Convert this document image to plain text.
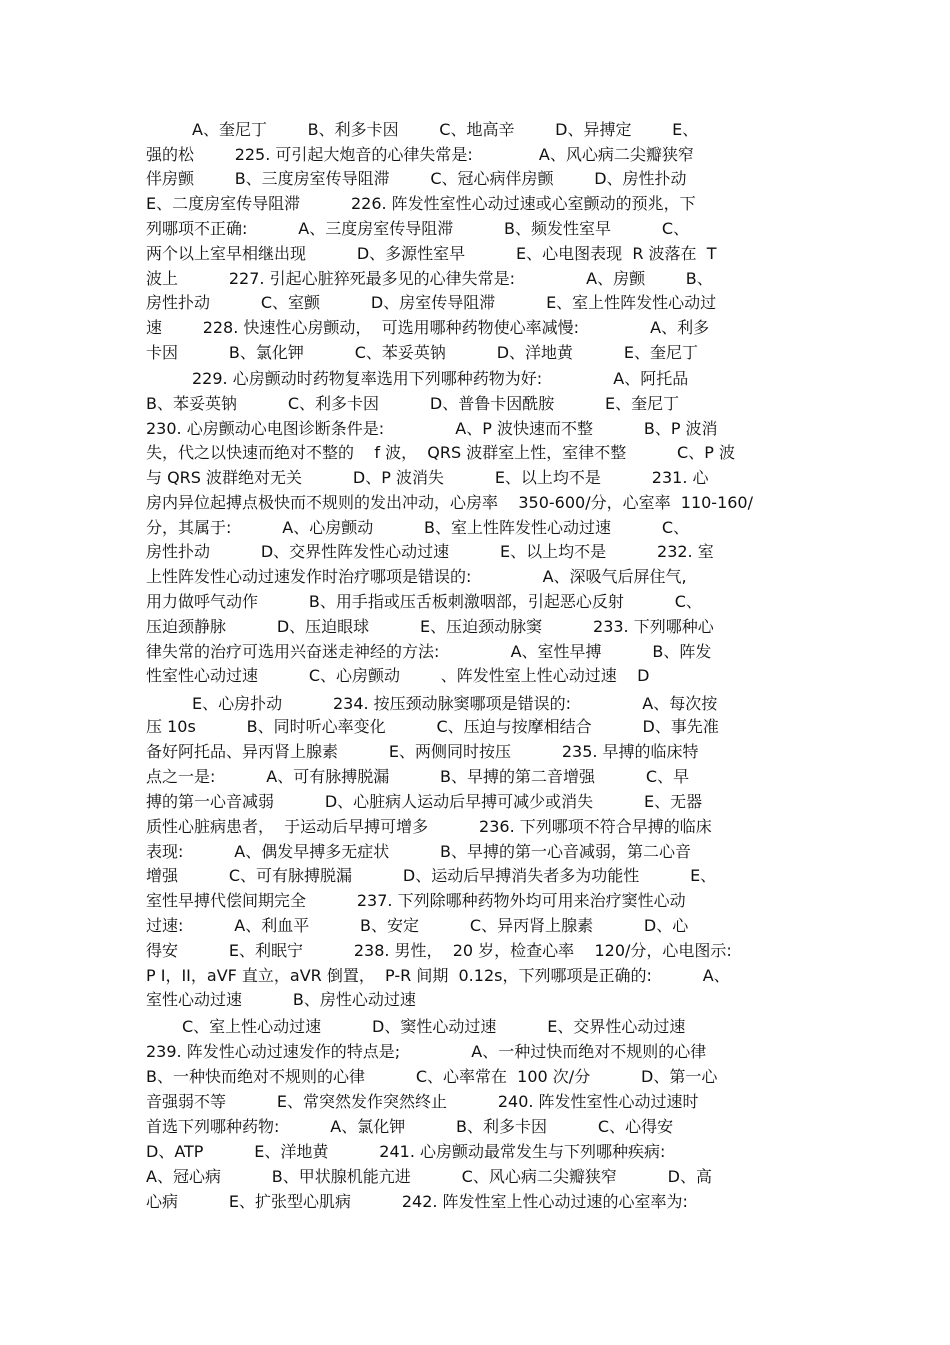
A、奎尼丁        B、利多卡因        C、地高辛        D、异搏定        E、
强的松        225. 可引起大炮音的心律失常是:             A、风心病二尖瓣狭窄
伴房颤        B、三度房室传导阻滞        C、冠心病伴房颤        D、房性扑动
E、二度房室传导阻滞          226. 阵发性室性心动过速或心室颤动的预兆，下
列哪项不正确:          A、三度房室传导阻滞          B、频发性室早          C、
两个以上室早相继出现          D、多源性室早          E、心电图表现  R 波落在  T
波上          227. 引起心脏猝死最多见的心律失常是:              A、房颤        B、
房性扑动          C、室颤          D、房室传导阻滞          E、室上性阵发性心动过
速        228. 快速性心房颤动，  可选用哪种药物使心率减慢:              A、利多
卡因          B、氯化钾          C、苯妥英钠          D、洋地黄          E、奎尼丁
229. 心房颤动时药物复率选用下列哪种药物为好:              A、阿托品
B、苯妥英钠          C、利多卡因          D、普鲁卡因酰胺          E、奎尼丁
230. 心房颤动心电图诊断条件是:              A、P 波快速而不整          B、P 波消
失，代之以快速而绝对不整的    f 波，  QRS 波群室上性，室律不整          C、P 波
与 QRS 波群绝对无关          D、P 波消失          E、以上均不是          231. 心
房内异位起搏点极快而不规则的发出冲动，心房率    350-600/分，心室率  110-160/
分，其属于:          A、心房颤动          B、室上性阵发性心动过速          C、
房性扑动          D、交界性阵发性心动过速          E、以上均不是          232. 室
上性阵发性心动过速发作时治疗哪项是错误的:              A、深吸气后屏住气,
用力做呼气动作          B、用手指或压舌板刺激咽部，引起恶心反射          C、
压迫颈静脉          D、压迫眼球          E、压迫颈动脉窦          233. 下列哪种心
律失常的治疗可选用兴奋迷走神经的方法:              A、室性早搏          B、阵发
性室性心动过速          C、心房颤动        、阵发性室上性心动过速    D
E、心房扑动          234. 按压颈动脉窦哪项是错误的:              A、每次按
压 10s          B、同时听心率变化          C、压迫与按摩相结合          D、事先准
备好阿托品、异丙肾上腺素          E、两侧同时按压          235. 早搏的临床特
点之一是:          A、可有脉搏脱漏          B、早搏的第二音增强          C、早
搏的第一心音减弱          D、心脏病人运动后早搏可减少或消失          E、无器
质性心脏病患者，  于运动后早搏可增多          236. 下列哪项不符合早搏的临床
表现:          A、偶发早搏多无症状          B、早搏的第一心音减弱，第二心音
增强          C、可有脉搏脱漏          D、运动后早搏消失者多为功能性          E、
室性早搏代偿间期完全          237. 下列除哪种药物外均可用来治疗窦性心动
过速:          A、利血平          B、安定          C、异丙肾上腺素          D、心
得安          E、利眠宁          238. 男性，  20 岁，检查心率    120/分，心电图示:
P I，II，aVF 直立，aVR 倒置，  P-R 间期  0.12s，下列哪项是正确的:          A、
室性心动过速          B、房性心动过速
C、室上性心动过速          D、窦性心动过速          E、交界性心动过速
239. 阵发性心动过速发作的特点是;              A、一种过快而绝对不规则的心律
B、一种快而绝对不规则的心律          C、心率常在  100 次/分          D、第一心
音强弱不等          E、常突然发作突然终止          240. 阵发性室性心动过速时
首选下列哪种药物:          A、氯化钾          B、利多卡因          C、心得安
D、ATP          E、洋地黄          241. 心房颤动最常发生与下列哪种疾病:
A、冠心病          B、甲状腺机能亢进          C、风心病二尖瓣狭窄          D、高
心病          E、扩张型心肌病          242. 阵发性室上性心动过速的心室率为:
